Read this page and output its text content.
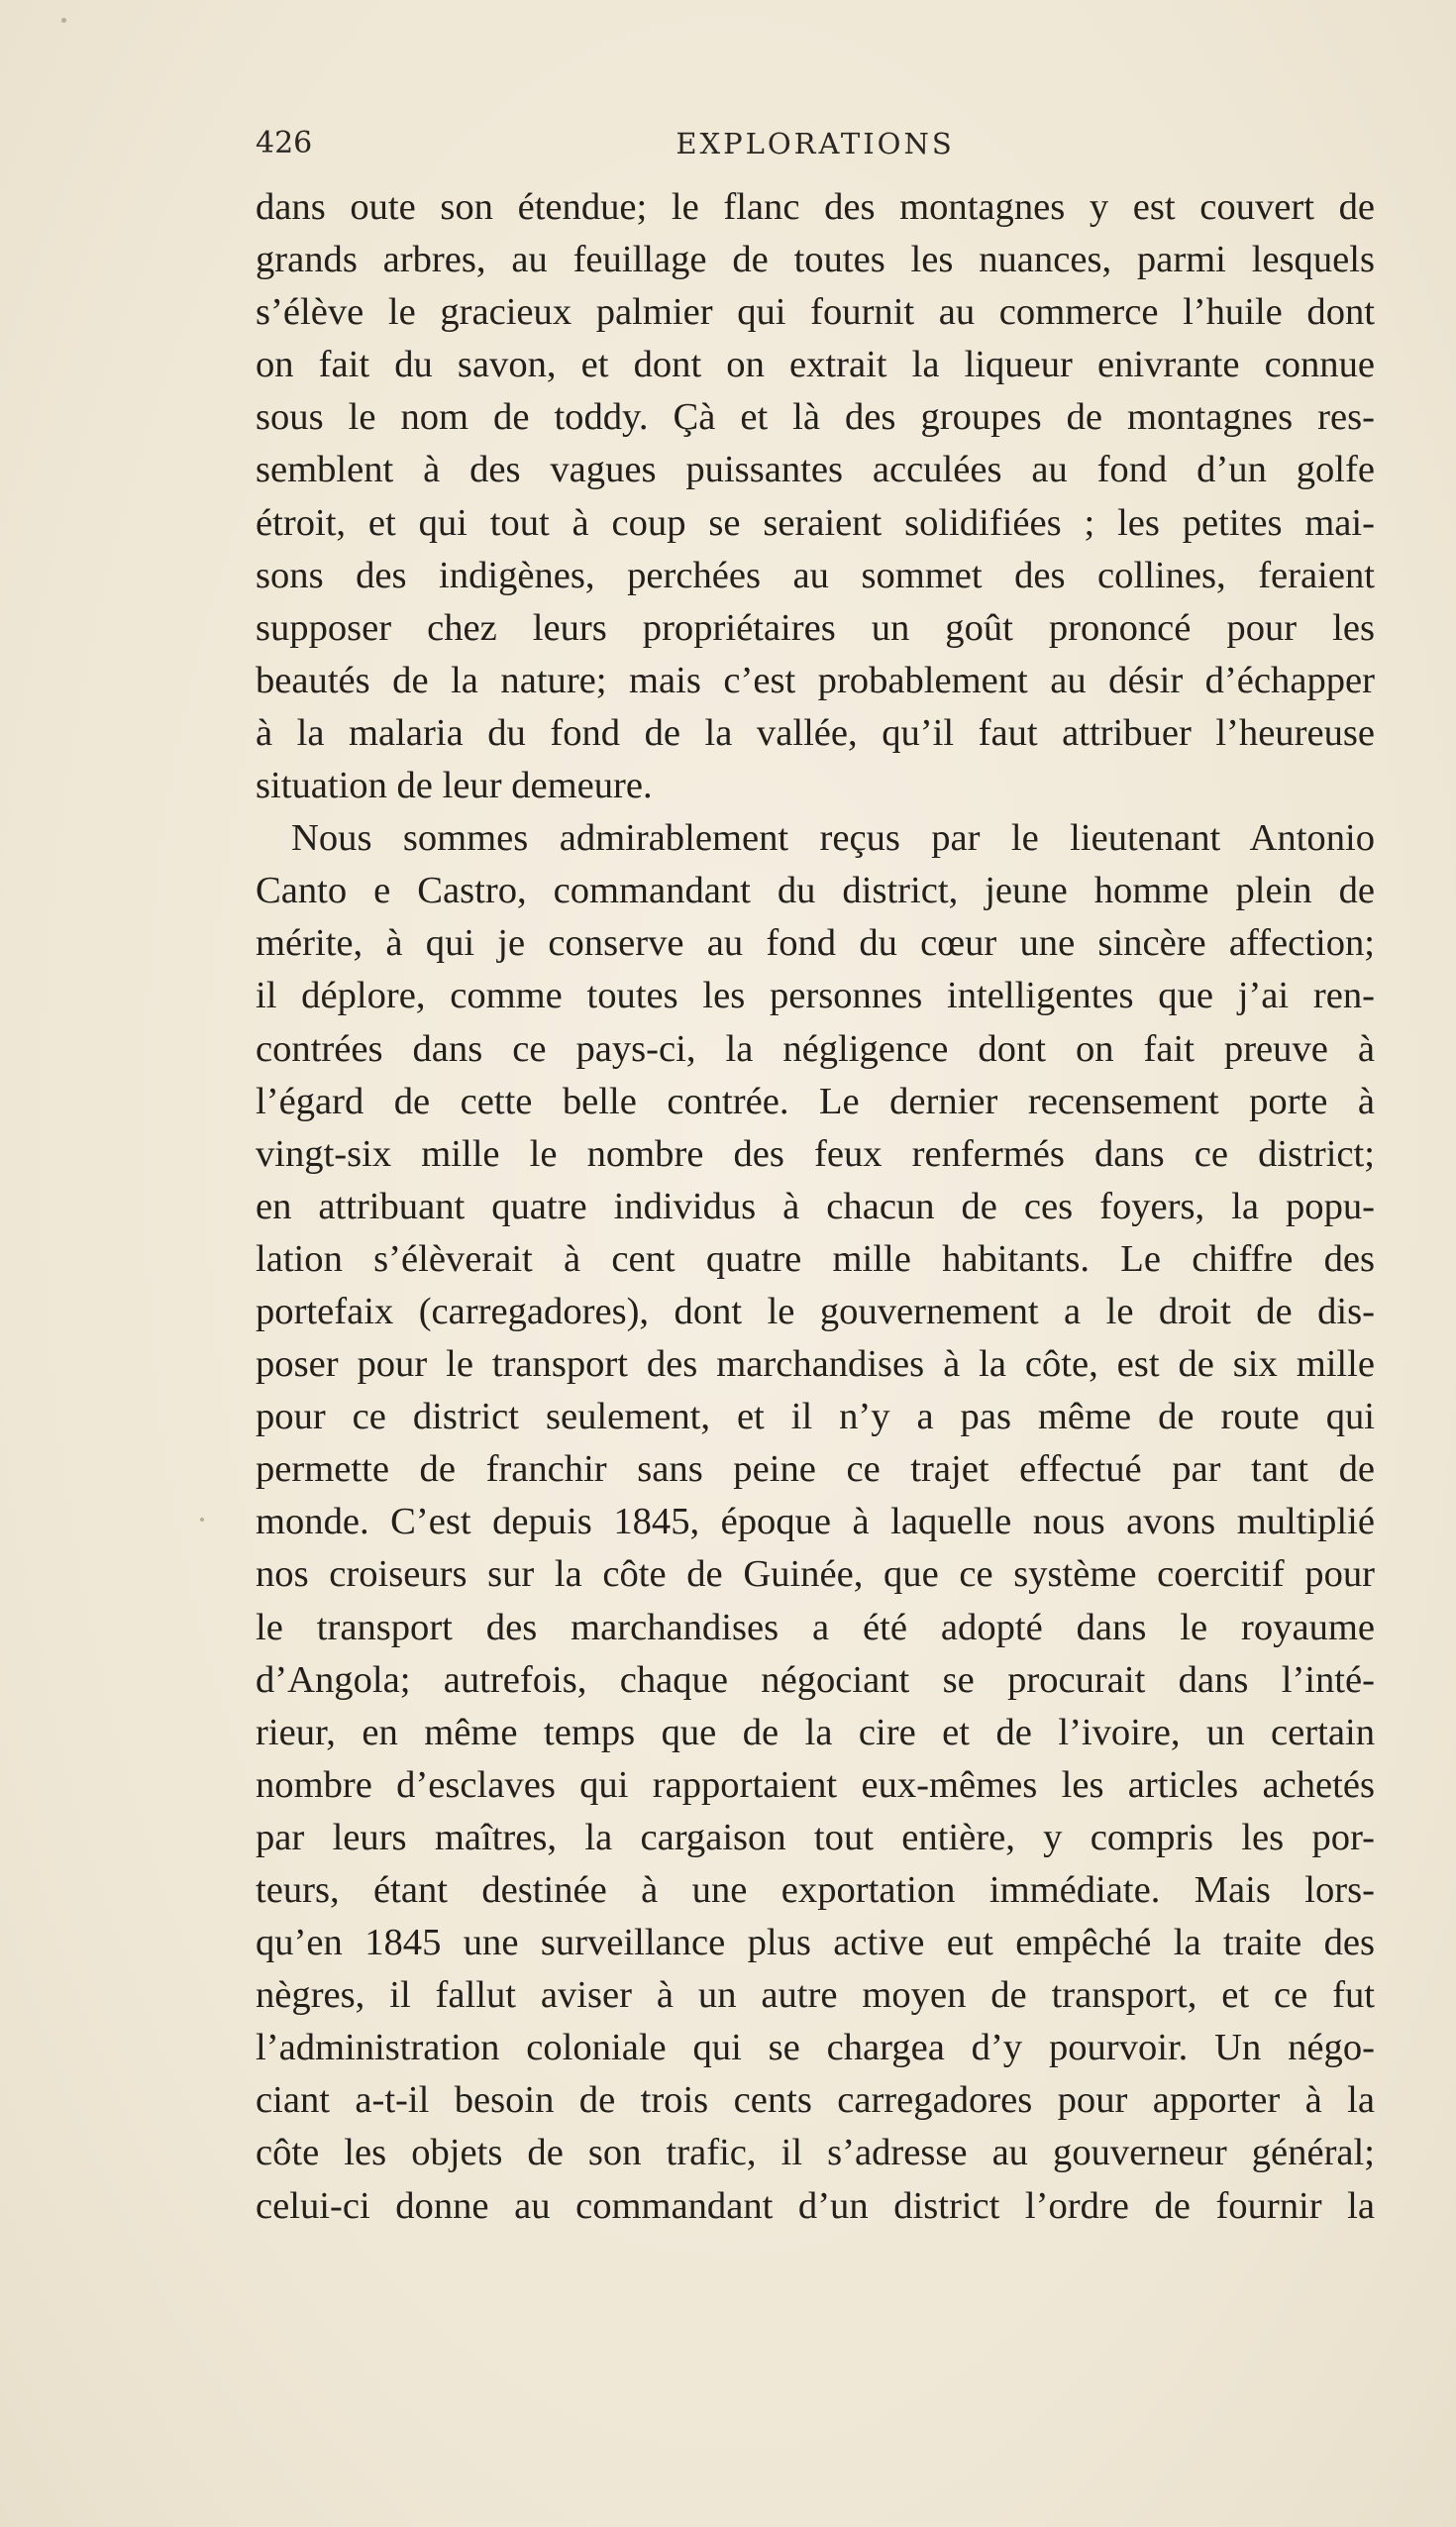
426	EXPLORATIONS
dans oute son étendue; le flanc des montagnes y est couvert de
grands arbres, au feuillage de toutes les nuances, parmi lesquels
s’élève le gracieux palmier qui fournit au commerce l’huile dont
on fait du savon, et dont on extrait la liqueur enivrante connue
sous le nom de toddy. Çà et là des groupes de montagnes res-
semblent à des vagues puissantes acculées au fond d’un golfe
étroit, et qui tout à coup se seraient solidifiées ; les petites mai-
sons des indigènes, perchées au sommet des collines, feraient
supposer chez leurs propriétaires un goût prononcé pour les
beautés de la nature; mais c’est probablement au désir d’échapper
à la malaria du fond de la vallée, qu’il faut attribuer l’heureuse
situation de leur demeure.
Nous sommes admirablement reçus par le lieutenant Antonio
Canto e Castro, commandant du district, jeune homme plein de
mérite, à qui je conserve au fond du cœur une sincère affection;
il déplore, comme toutes les personnes intelligentes que j’ai ren-
contrées dans ce pays-ci, la négligence dont on fait preuve à
l’égard de cette belle contrée. Le dernier recensement porte à
vingt-six mille le nombre des feux renfermés dans ce district;
en attribuant quatre individus à chacun de ces foyers, la popu-
lation s’élèverait à cent quatre mille habitants. Le chiffre des
portefaix (carregadores), dont le gouvernement a le droit de dis-
poser pour le transport des marchandises à la côte, est de six mille
pour ce district seulement, et il n’y a pas même de route qui
permette de franchir sans peine ce trajet effectué par tant de
monde. C’est depuis 1845, époque à laquelle nous avons multiplié
nos croiseurs sur la côte de Guinée, que ce système coercitif pour
le transport des marchandises a été adopté dans le royaume
d’Angola; autrefois, chaque négociant se procurait dans l’inté-
rieur, en même temps que de la cire et de l’ivoire, un certain
nombre d’esclaves qui rapportaient eux-mêmes les articles achetés
par leurs maîtres, la cargaison tout entière, y compris les por-
teurs, étant destinée à une exportation immédiate. Mais lors-
qu’en 1845 une surveillance plus active eut empêché la traite des
nègres, il fallut aviser à un autre moyen de transport, et ce fut
l’administration coloniale qui se chargea d’y pourvoir. Un négo-
ciant a-t-il besoin de trois cents carregadores pour apporter à la
côte les objets de son trafic, il s’adresse au gouverneur général;
celui-ci donne au commandant d’un district l’ordre de fournir la
